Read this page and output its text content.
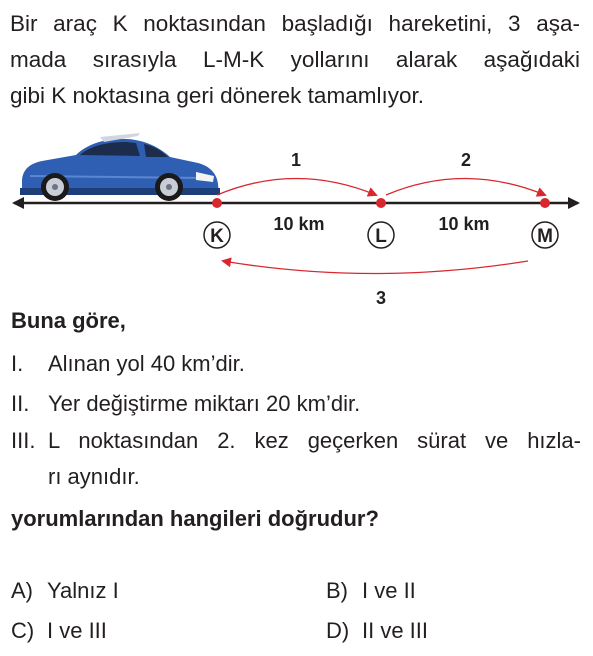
Bir araç K noktasından başladığı hareketini, 3 aşa-
mada sırasıyla L-M-K yollarını alarak aşağıdaki
gibi K noktasına geri dönerek tamamlıyor.

1	2
3
10 km	10 km
K	L	M

Buna göre,

I. Alınan yol 40 km’dir.

II. Yer değiştirme miktarı 20 km’dir.

III. L noktasından 2. kez geçerken sürat ve hızla-
rı aynıdır.

yorumlarından hangileri doğrudur?

A) Yalnız I	B) I ve II

C) I ve III	D) II ve III
